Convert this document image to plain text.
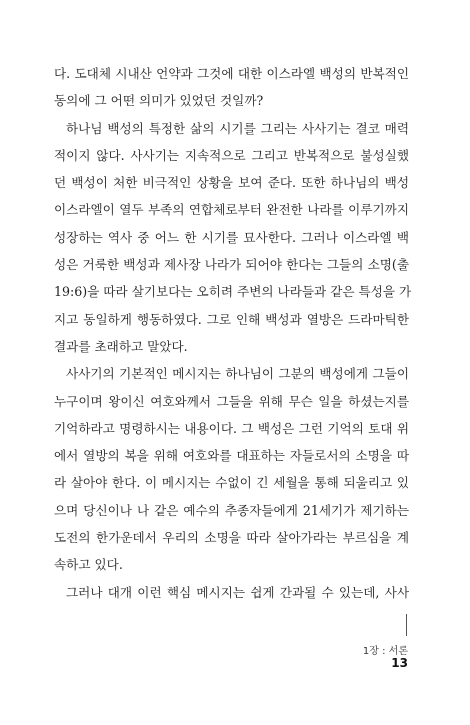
다. 도대체 시내산 언약과 그것에 대한 이스라엘 백성의 반복적인
동의에 그 어떤 의미가 있었던 것일까?
하나님 백성의 특정한 삶의 시기를 그리는 사사기는 결코 매력
적이지 않다. 사사기는 지속적으로 그리고 반복적으로 불성실했
던 백성이 처한 비극적인 상황을 보여 준다. 또한 하나님의 백성
이스라엘이 열두 부족의 연합체로부터 완전한 나라를 이루기까지
성장하는 역사 중 어느 한 시기를 묘사한다. 그러나 이스라엘 백
성은 거룩한 백성과 제사장 나라가 되어야 한다는 그들의 소명(출
19:6)을 따라 살기보다는 오히려 주변의 나라들과 같은 특성을 가
지고 동일하게 행동하였다. 그로 인해 백성과 열방은 드라마틱한
결과를 초래하고 말았다.
사사기의 기본적인 메시지는 하나님이 그분의 백성에게 그들이
누구이며 왕이신 여호와께서 그들을 위해 무슨 일을 하셨는지를
기억하라고 명령하시는 내용이다. 그 백성은 그런 기억의 토대 위
에서 열방의 복을 위해 여호와를 대표하는 자들로서의 소명을 따
라 살아야 한다. 이 메시지는 수없이 긴 세월을 통해 되울리고 있
으며 당신이나 나 같은 예수의 추종자들에게 21세기가 제기하는
도전의 한가운데서 우리의 소명을 따라 살아가라는 부르심을 계
속하고 있다.
그러나 대개 이런 핵심 메시지는 쉽게 간과될 수 있는데, 사사
1장 : 서론
13
